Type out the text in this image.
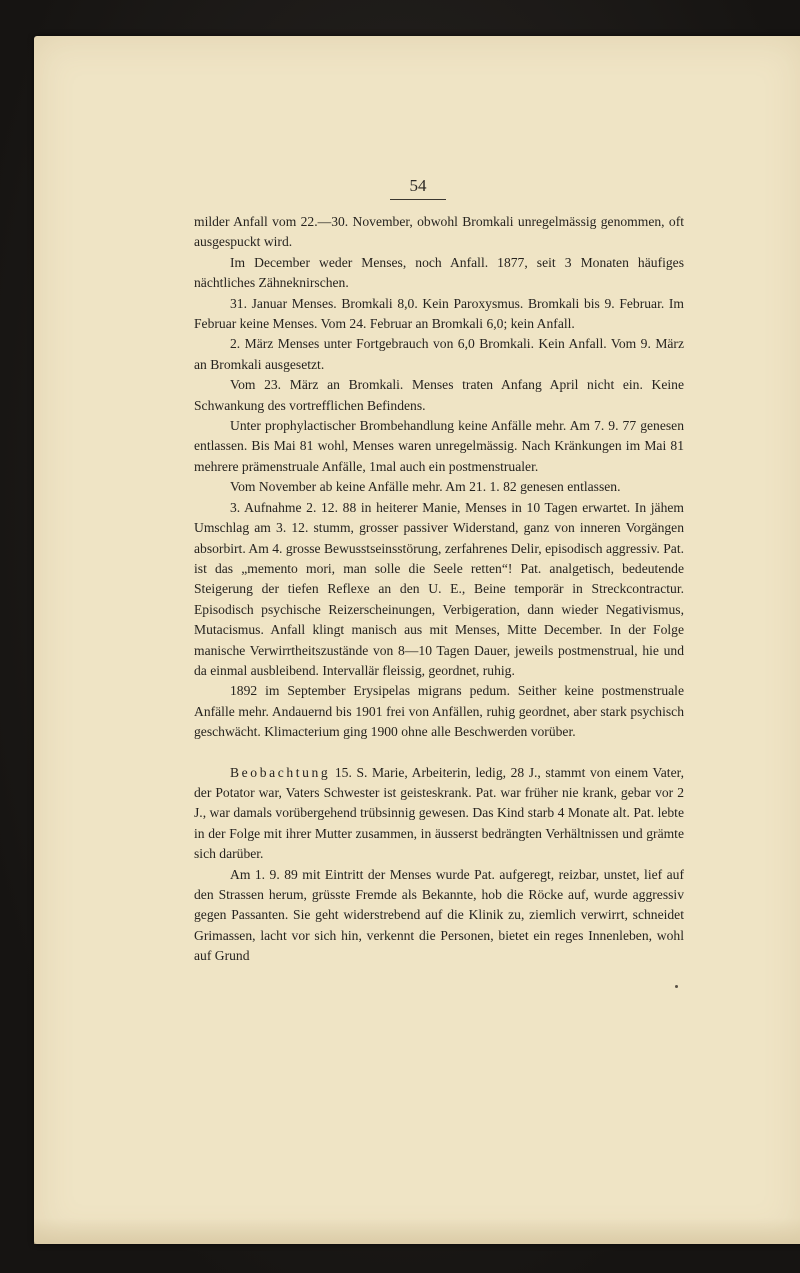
54

milder Anfall vom 22.—30. November, obwohl Bromkali unregelmässig genommen, oft ausgespuckt wird.

Im December weder Menses, noch Anfall. 1877, seit 3 Monaten häufiges nächtliches Zähneknirschen.

31. Januar Menses. Bromkali 8,0. Kein Paroxysmus. Bromkali bis 9. Februar. Im Februar keine Menses. Vom 24. Februar an Bromkali 6,0; kein Anfall.

2. März Menses unter Fortgebrauch von 6,0 Bromkali. Kein Anfall. Vom 9. März an Bromkali ausgesetzt.

Vom 23. März an Bromkali. Menses traten Anfang April nicht ein. Keine Schwankung des vortrefflichen Befindens.

Unter prophylactischer Brombehandlung keine Anfälle mehr. Am 7. 9. 77 genesen entlassen. Bis Mai 81 wohl, Menses waren unregelmässig. Nach Kränkungen im Mai 81 mehrere prämenstruale Anfälle, 1mal auch ein postmenstrualer.

Vom November ab keine Anfälle mehr. Am 21. 1. 82 genesen entlassen.

3. Aufnahme 2. 12. 88 in heiterer Manie, Menses in 10 Tagen erwartet. In jähem Umschlag am 3. 12. stumm, grosser passiver Widerstand, ganz von inneren Vorgängen absorbirt. Am 4. grosse Bewusstseinsstörung, zerfahrenes Delir, episodisch aggressiv. Pat. ist das „memento mori, man solle die Seele retten“! Pat. analgetisch, bedeutende Steigerung der tiefen Reflexe an den U. E., Beine temporär in Streckcontractur. Episodisch psychische Reizerscheinungen, Verbigeration, dann wieder Negativismus, Mutacismus. Anfall klingt manisch aus mit Menses, Mitte December. In der Folge manische Verwirrtheitszustände von 8—10 Tagen Dauer, jeweils postmenstrual, hie und da einmal ausbleibend. Intervallär fleissig, geordnet, ruhig.

1892 im September Erysipelas migrans pedum. Seither keine postmenstruale Anfälle mehr. Andauernd bis 1901 frei von Anfällen, ruhig geordnet, aber stark psychisch geschwächt. Klimacterium ging 1900 ohne alle Beschwerden vorüber.

Beobachtung 15. S. Marie, Arbeiterin, ledig, 28 J., stammt von einem Vater, der Potator war, Vaters Schwester ist geisteskrank. Pat. war früher nie krank, gebar vor 2 J., war damals vorübergehend trübsinnig gewesen. Das Kind starb 4 Monate alt. Pat. lebte in der Folge mit ihrer Mutter zusammen, in äusserst bedrängten Verhältnissen und grämte sich darüber.

Am 1. 9. 89 mit Eintritt der Menses wurde Pat. aufgeregt, reizbar, unstet, lief auf den Strassen herum, grüsste Fremde als Bekannte, hob die Röcke auf, wurde aggressiv gegen Passanten. Sie geht widerstrebend auf die Klinik zu, ziemlich verwirrt, schneidet Grimassen, lacht vor sich hin, verkennt die Personen, bietet ein reges Innenleben, wohl auf Grund
